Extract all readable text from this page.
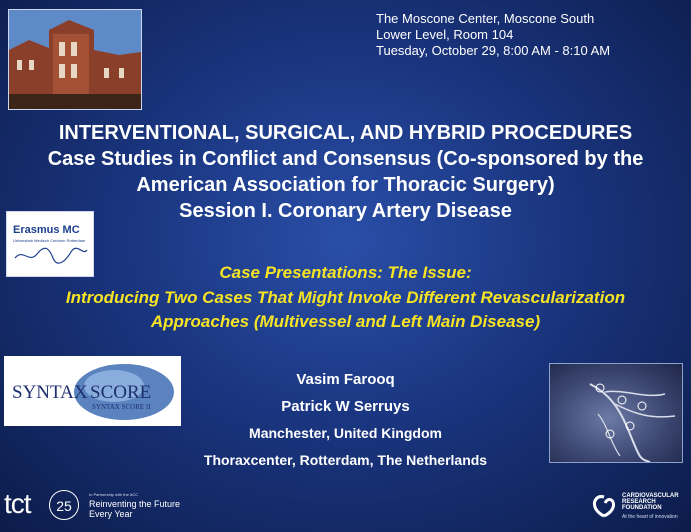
The Moscone Center, Moscone South
Lower Level, Room 104
Tuesday, October 29, 8:00 AM - 8:10 AM
INTERVENTIONAL, SURGICAL, AND HYBRID PROCEDURES
Case Studies in Conflict and Consensus (Co-sponsored by the
American Association for Thoracic Surgery)
Session I. Coronary Artery Disease
Erasmus MC
Universitair Medisch Centrum Rotterdam
Case Presentations: The Issue:
Introducing Two Cases That Might Invoke Different Revascularization
Approaches (Multivessel and Left Main Disease)
SYNTAX SCORE
SYNTAX SCORE II
Vasim Farooq
Patrick W Serruys
Manchester, United Kingdom
Thoraxcenter, Rotterdam, The Netherlands
tct	25
In Partnership with the ACC
Reinventing the Future
Every Year
CARDIOVASCULAR
RESEARCH
FOUNDATION
At the heart of innovation
